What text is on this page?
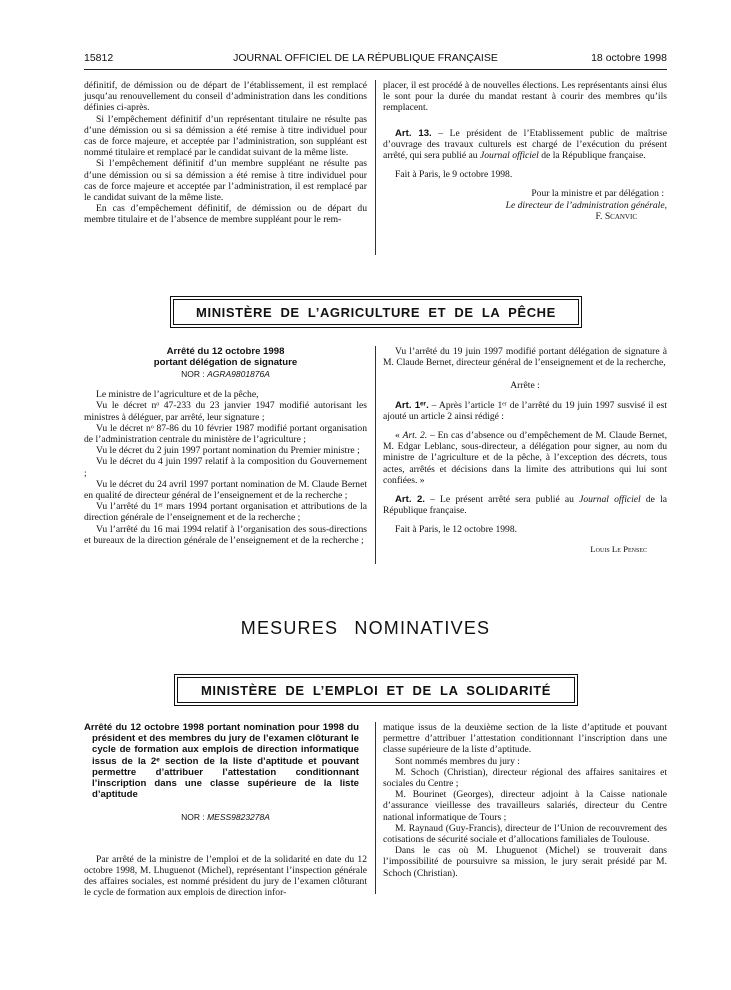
15812	JOURNAL OFFICIEL DE LA RÉPUBLIQUE FRANÇAISE	18 octobre 1998

définitif, de démission ou de départ de l’établissement, il est remplacé jusqu’au renouvellement du conseil d’administration dans les conditions définies ci-après.

Si l’empêchement définitif d’un représentant titulaire ne résulte pas d’une démission ou si sa démission a été remise à titre individuel pour cas de force majeure, et acceptée par l’administration, son suppléant est nommé titulaire et remplacé par le candidat suivant de la même liste.

Si l’empêchement définitif d’un membre suppléant ne résulte pas d’une démission ou si sa démission a été remise à titre individuel pour cas de force majeure et acceptée par l’administration, il est remplacé par le candidat suivant de la même liste.

En cas d’empêchement définitif, de démission ou de départ du membre titulaire et de l’absence de membre suppléant pour le rem-

placer, il est procédé à de nouvelles élections. Les représentants ainsi élus le sont pour la durée du mandat restant à courir des membres qu’ils remplacent.

Art. 13. – Le président de l’Etablissement public de maîtrise d’ouvrage des travaux culturels est chargé de l’exécution du présent arrêté, qui sera publié au Journal officiel de la République française.

Fait à Paris, le 9 octobre 1998.

Pour la ministre et par délégation :

Le directeur de l’administration générale,

F. Scanvic

MINISTÈRE DE L’AGRICULTURE ET DE LA PÊCHE
Arrêté du 12 octobre 1998
portant délégation de signature
NOR : AGRA9801876A

Le ministre de l’agriculture et de la pêche,

Vu le décret nᵒ 47-233 du 23 janvier 1947 modifié autorisant les ministres à déléguer, par arrêté, leur signature ;

Vu le décret nᵒ 87-86 du 10 février 1987 modifié portant organisation de l’administration centrale du ministère de l’agriculture ;

Vu le décret du 2 juin 1997 portant nomination du Premier ministre ;

Vu le décret du 4 juin 1997 relatif à la composition du Gouvernement ;

Vu le décret du 24 avril 1997 portant nomination de M. Claude Bernet en qualité de directeur général de l’enseignement et de la recherche ;

Vu l’arrêté du 1ᵉʳ mars 1994 portant organisation et attributions de la direction générale de l’enseignement et de la recherche ;

Vu l’arrêté du 16 mai 1994 relatif à l’organisation des sous-directions et bureaux de la direction générale de l’enseignement et de la recherche ;

Vu l’arrêté du 19 juin 1997 modifié portant délégation de signature à M. Claude Bernet, directeur général de l’enseignement et de la recherche,

Arrête :

Art. 1ᵉʳ. – Après l’article 1ᵉʳ de l’arrêté du 19 juin 1997 susvisé il est ajouté un article 2 ainsi rédigé :

« Art. 2. – En cas d’absence ou d’empêchement de M. Claude Bernet, M. Edgar Leblanc, sous-directeur, a délégation pour signer, au nom du ministre de l’agriculture et de la pêche, à l’exception des décrets, tous actes, arrêtés et décisions dans la limite des attributions qui lui sont confiées. »

Art. 2. – Le présent arrêté sera publié au Journal officiel de la République française.

Fait à Paris, le 12 octobre 1998.

Louis Le Pensec

MESURES NOMINATIVES
MINISTÈRE DE L’EMPLOI ET DE LA SOLIDARITÉ

Arrêté du 12 octobre 1998 portant nomination pour 1998 du président et des membres du jury de l’examen clôturant le cycle de formation aux emplois de direction informatique issus de la 2ᵉ section de la liste d’aptitude et pouvant permettre d’attribuer l’attestation conditionnant l’inscription dans une classe supérieure de la liste d’aptitude

NOR : MESS9823278A

Par arrêté de la ministre de l’emploi et de la solidarité en date du 12 octobre 1998, M. Lhuguenot (Michel), représentant l’inspection générale des affaires sociales, est nommé président du jury de l’examen clôturant le cycle de formation aux emplois de direction infor-

matique issus de la deuxième section de la liste d’aptitude et pouvant permettre d’attribuer l’attestation conditionnant l’inscription dans une classe supérieure de la liste d’aptitude.

Sont nommés membres du jury :

M. Schoch (Christian), directeur régional des affaires sanitaires et sociales du Centre ;

M. Bourinet (Georges), directeur adjoint à la Caisse nationale d’assurance vieillesse des travailleurs salariés, directeur du Centre national informatique de Tours ;

M. Raynaud (Guy-Francis), directeur de l’Union de recouvrement des cotisations de sécurité sociale et d’allocations familiales de Toulouse.

Dans le cas où M. Lhuguenot (Michel) se trouverait dans l’impossibilité de poursuivre sa mission, le jury serait présidé par M. Schoch (Christian).
